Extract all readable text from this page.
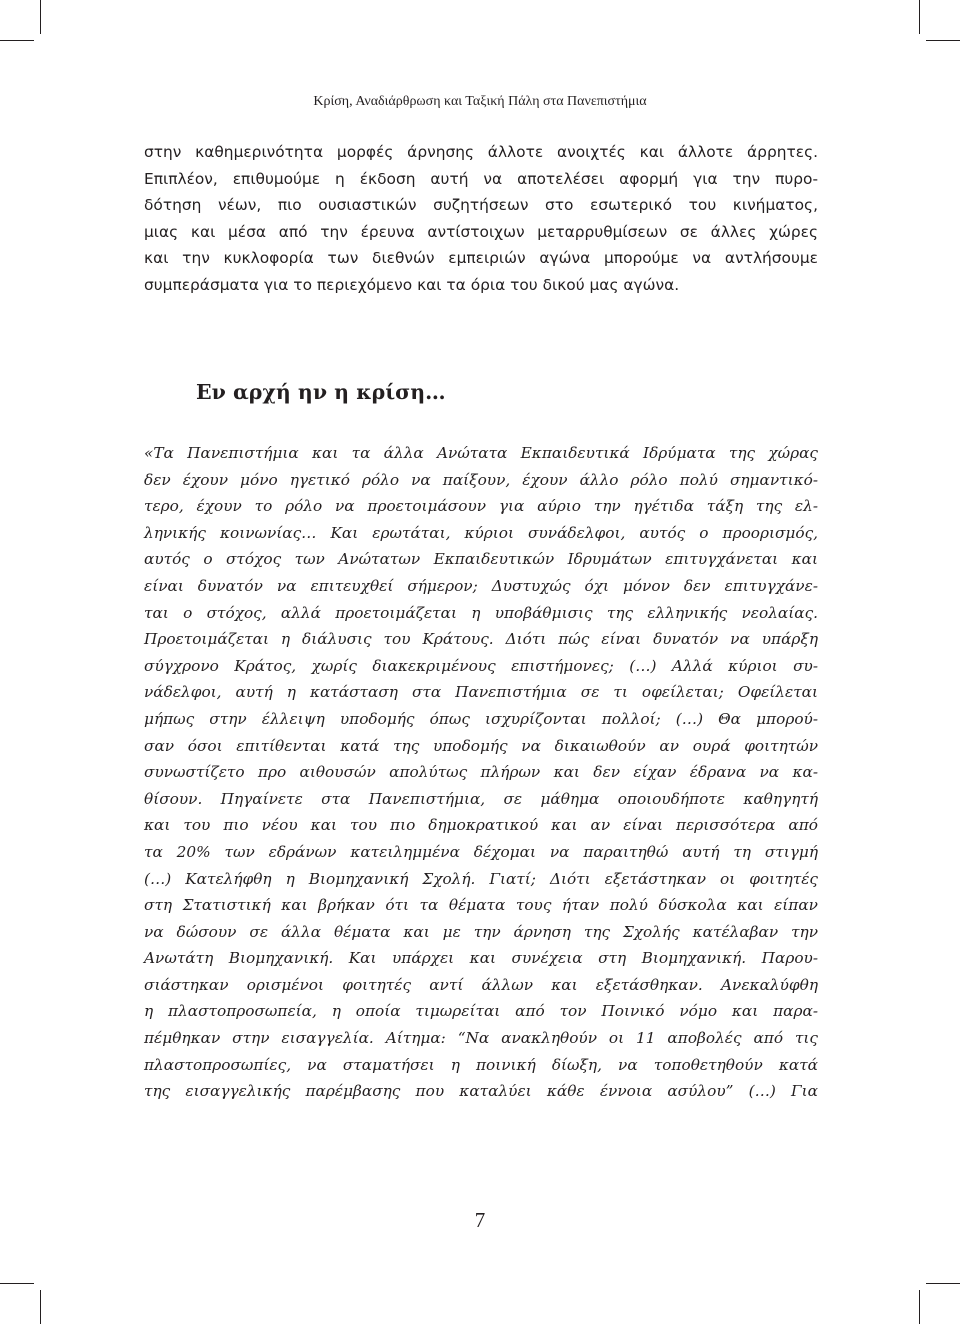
Κρίση, Αναδιάρθρωση και Ταξική Πάλη στα Πανεπιστήμια
στην καθημερινότητα μορφές άρνησης άλλοτε ανοιχτές και άλλοτε άρρητες.
Επιπλέον, επιθυμούμε η έκδοση αυτή να αποτελέσει αφορμή για την πυρο-
δότηση νέων, πιο ουσιαστικών συζητήσεων στο εσωτερικό του κινήματος,
μιας και μέσα από την έρευνα αντίστοιχων μεταρρυθμίσεων σε άλλες χώρες
και την κυκλοφορία των διεθνών εμπειριών αγώνα μπορούμε να αντλήσουμε
συμπεράσματα για το περιεχόμενο και τα όρια του δικού μας αγώνα.
Εν αρχή ην η κρίση…
«Τα Πανεπιστήμια και τα άλλα Ανώτατα Εκπαιδευτικά Ιδρύματα της χώρας
δεν έχουν μόνο ηγετικό ρόλο να παίξουν, έχουν άλλο ρόλο πολύ σημαντικό-
τερο, έχουν το ρόλο να προετοιμάσουν για αύριο την ηγέτιδα τάξη της ελ-
ληνικής κοινωνίας… Και ερωτάται, κύριοι συνάδελφοι, αυτός ο προορισμός,
αυτός ο στόχος των Ανώτατων Εκπαιδευτικών Ιδρυμάτων επιτυγχάνεται και
είναι δυνατόν να επιτευχθεί σήμερον; Δυστυχώς όχι μόνον δεν επιτυγχάνε-
ται ο στόχος, αλλά προετοιμάζεται η υποβάθμισις της ελληνικής νεολαίας.
Προετοιμάζεται η διάλυσις του Κράτους. Διότι πώς είναι δυνατόν να υπάρξη
σύγχρονο Κράτος, χωρίς διακεκριμένους επιστήμονες; (…) Αλλά κύριοι συ-
νάδελφοι, αυτή η κατάσταση στα Πανεπιστήμια σε τι οφείλεται; Οφείλεται
μήπως στην έλλειψη υποδομής όπως ισχυρίζονται πολλοί; (…) Θα μπορού-
σαν όσοι επιτίθενται κατά της υποδομής να δικαιωθούν αν ουρά φοιτητών
συνωστίζετο προ αιθουσών απολύτως πλήρων και δεν είχαν έδρανα να κα-
θίσουν. Πηγαίνετε στα Πανεπιστήμια, σε μάθημα οποιουδήποτε καθηγητή
και του πιο νέου και του πιο δημοκρατικού και αν είναι περισσότερα από
τα 20% των εδράνων κατειλημμένα δέχομαι να παραιτηθώ αυτή τη στιγμή
(…) Κατελήφθη η Βιομηχανική Σχολή. Γιατί; Διότι εξετάστηκαν οι φοιτητές
στη Στατιστική και βρήκαν ότι τα θέματα τους ήταν πολύ δύσκολα και είπαν
να δώσουν σε άλλα θέματα και με την άρνηση της Σχολής κατέλαβαν την
Ανωτάτη Βιομηχανική. Και υπάρχει και συνέχεια στη Βιομηχανική. Παρου-
σιάστηκαν ορισμένοι φοιτητές αντί άλλων και εξετάσθηκαν. Ανεκαλύφθη
η πλαστοπροσωπεία, η οποία τιμωρείται από τον Ποινικό νόμο και παρα-
πέμθηκαν στην εισαγγελία. Αίτημα: “Να ανακληθούν οι 11 αποβολές από τις
πλαστοπροσωπίες, να σταματήσει η ποινική δίωξη, να τοποθετηθούν κατά
της εισαγγελικής παρέμβασης που καταλύει κάθε έννοια ασύλου” (…) Για
7
